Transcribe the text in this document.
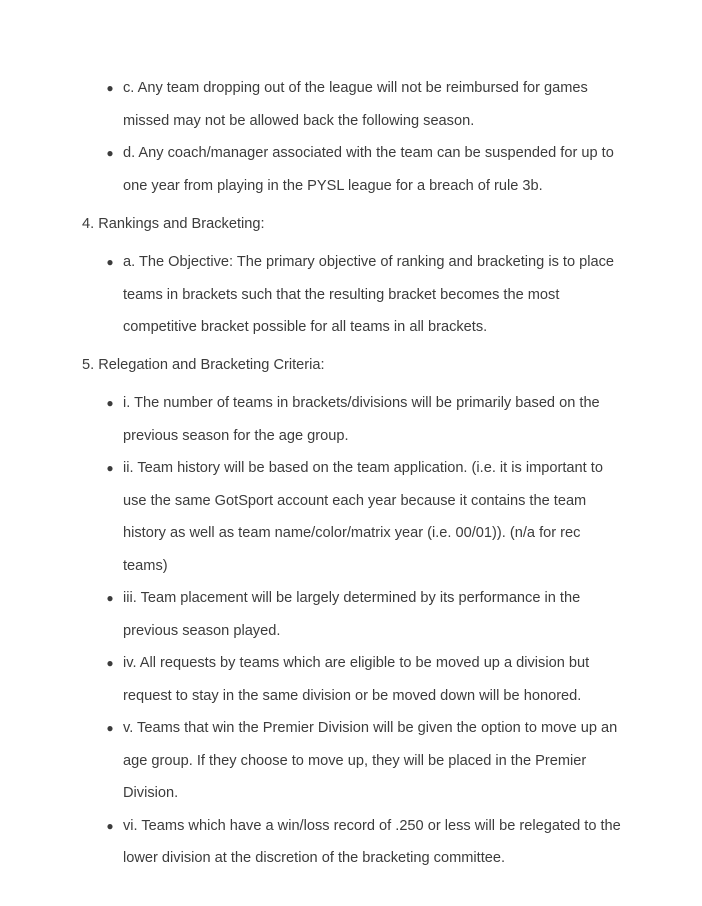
● c. Any team dropping out of the league will not be reimbursed for games missed may not be allowed back the following season.
● d. Any coach/manager associated with the team can be suspended for up to one year from playing in the PYSL league for a breach of rule 3b.
4. Rankings and Bracketing:
● a. The Objective: The primary objective of ranking and bracketing is to place teams in brackets such that the resulting bracket becomes the most competitive bracket possible for all teams in all brackets.
5. Relegation and Bracketing Criteria:
● i. The number of teams in brackets/divisions will be primarily based on the previous season for the age group.
● ii. Team history will be based on the team application. (i.e. it is important to use the same GotSport account each year because it contains the team history as well as team name/color/matrix year (i.e. 00/01)). (n/a for rec teams)
● iii. Team placement will be largely determined by its performance in the previous season played.
● iv. All requests by teams which are eligible to be moved up a division but request to stay in the same division or be moved down will be honored.
● v. Teams that win the Premier Division will be given the option to move up an age group. If they choose to move up, they will be placed in the Premier Division.
● vi. Teams which have a win/loss record of .250 or less will be relegated to the lower division at the discretion of the bracketing committee.
